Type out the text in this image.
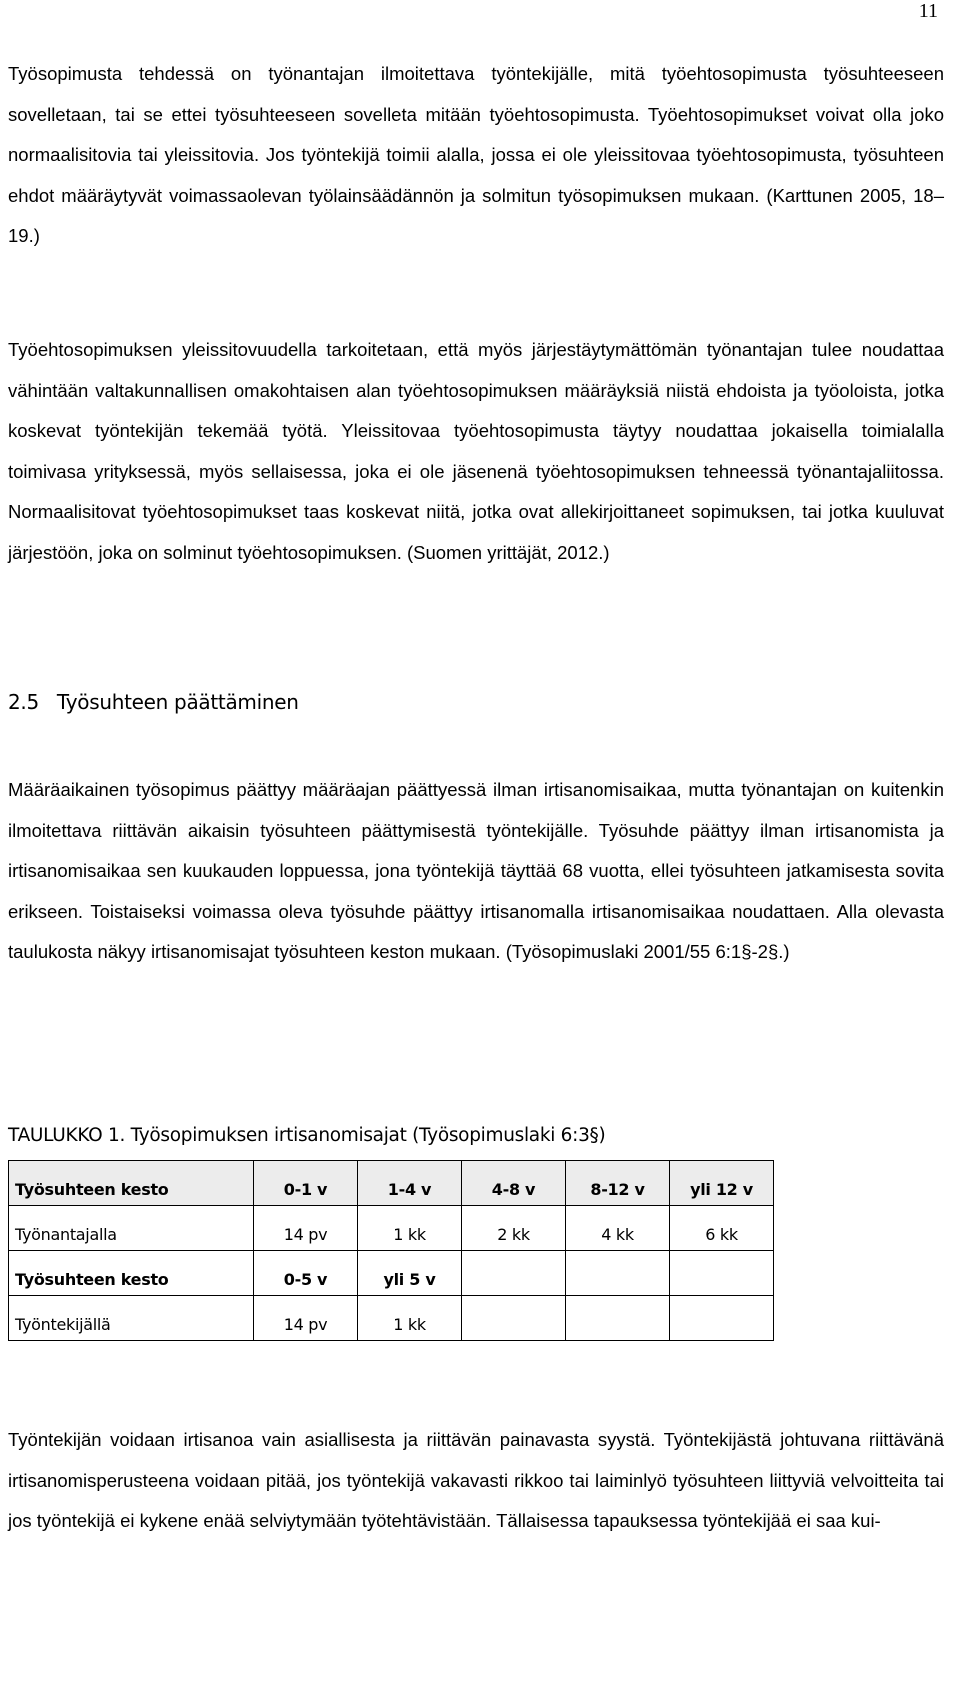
11

Työsopimusta tehdessä on työnantajan ilmoitettava työntekijälle, mitä työehtosopimusta työsuhteeseen sovelletaan, tai se ettei työsuhteeseen sovelleta mitään työehtosopimusta. Työehtosopimukset voivat olla joko normaalisitovia tai yleissitovia. Jos työntekijä toimii alalla, jossa ei ole yleissitovaa työehtosopimusta, työsuhteen ehdot määräytyvät voimassaolevan työlainsäädännön ja solmitun työsopimuksen mukaan. (Karttunen 2005, 18‒19.)

Työehtosopimuksen yleissitovuudella tarkoitetaan, että myös järjestäytymättömän työnantajan tulee noudattaa vähintään valtakunnallisen omakohtaisen alan työehtosopimuksen määräyksiä niistä ehdoista ja työoloista, jotka koskevat työntekijän tekemää työtä. Yleissitovaa työehtosopimusta täytyy noudattaa jokaisella toimialalla toimivasa yrityksessä, myös sellaisessa, joka ei ole jäsenenä työehtosopimuksen tehneessä työnantajaliitossa. Normaalisitovat työehtosopimukset taas koskevat niitä, jotka ovat allekirjoittaneet sopimuksen, tai jotka kuuluvat järjestöön, joka on solminut työehtosopimuksen. (Suomen yrittäjät, 2012.)

2.5 Työsuhteen päättäminen

Määräaikainen työsopimus päättyy määräajan päättyessä ilman irtisanomisaikaa, mutta työnantajan on kuitenkin ilmoitettava riittävän aikaisin työsuhteen päättymisestä työntekijälle. Työsuhde päättyy ilman irtisanomista ja irtisanomisaikaa sen kuukauden loppuessa, jona työntekijä täyttää 68 vuotta, ellei työsuhteen jatkamisesta sovita erikseen. Toistaiseksi voimassa oleva työsuhde päättyy irtisanomalla irtisanomisaikaa noudattaen. Alla olevasta taulukosta näkyy irtisanomisajat työsuhteen keston mukaan. (Työsopimuslaki 2001/55 6:1§-2§.)

TAULUKKO 1. Työsopimuksen irtisanomisajat (Työsopimuslaki 6:3§)
Työsuhteen kesto	0-1 v	1-4 v	4-8 v	8-12 v	yli 12 v
Työnantajalla	14 pv	1 kk	2 kk	4 kk	6 kk
Työsuhteen kesto	0-5 v	yli 5 v			
Työntekijällä	14 pv	1 kk			

Työntekijän voidaan irtisanoa vain asiallisesta ja riittävän painavasta syystä. Työntekijästä johtuvana riittävänä irtisanomisperusteena voidaan pitää, jos työntekijä vakavasti rikkoo tai laiminlyö työsuhteen liittyviä velvoitteita tai jos työntekijä ei kykene enää selviytymään työtehtävistään. Tällaisessa tapauksessa työntekijää ei saa kui-
